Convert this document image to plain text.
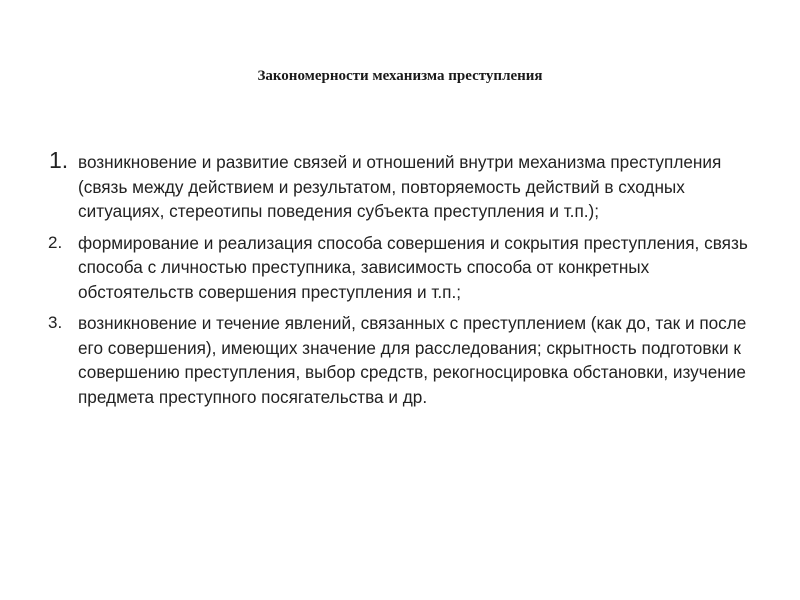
Закономерности механизма преступления
1. возникновение и развитие связей и отношений внутри механизма преступления (связь между действием и результатом, повторяемость действий в сходных ситуациях, стереотипы поведения субъекта преступления и т.п.);
2. формирование и реализация способа совершения и сокрытия преступления, связь способа с личностью преступника, зависимость способа от конкретных обстоятельств совершения преступления и т.п.;
3. возникновение и течение явлений, связанных с преступлением (как до, так и после его совершения), имеющих значение для расследования; скрытность подготовки к совершению преступления, выбор средств, рекогносцировка обстановки, изучение предмета преступного посягательства и др.
